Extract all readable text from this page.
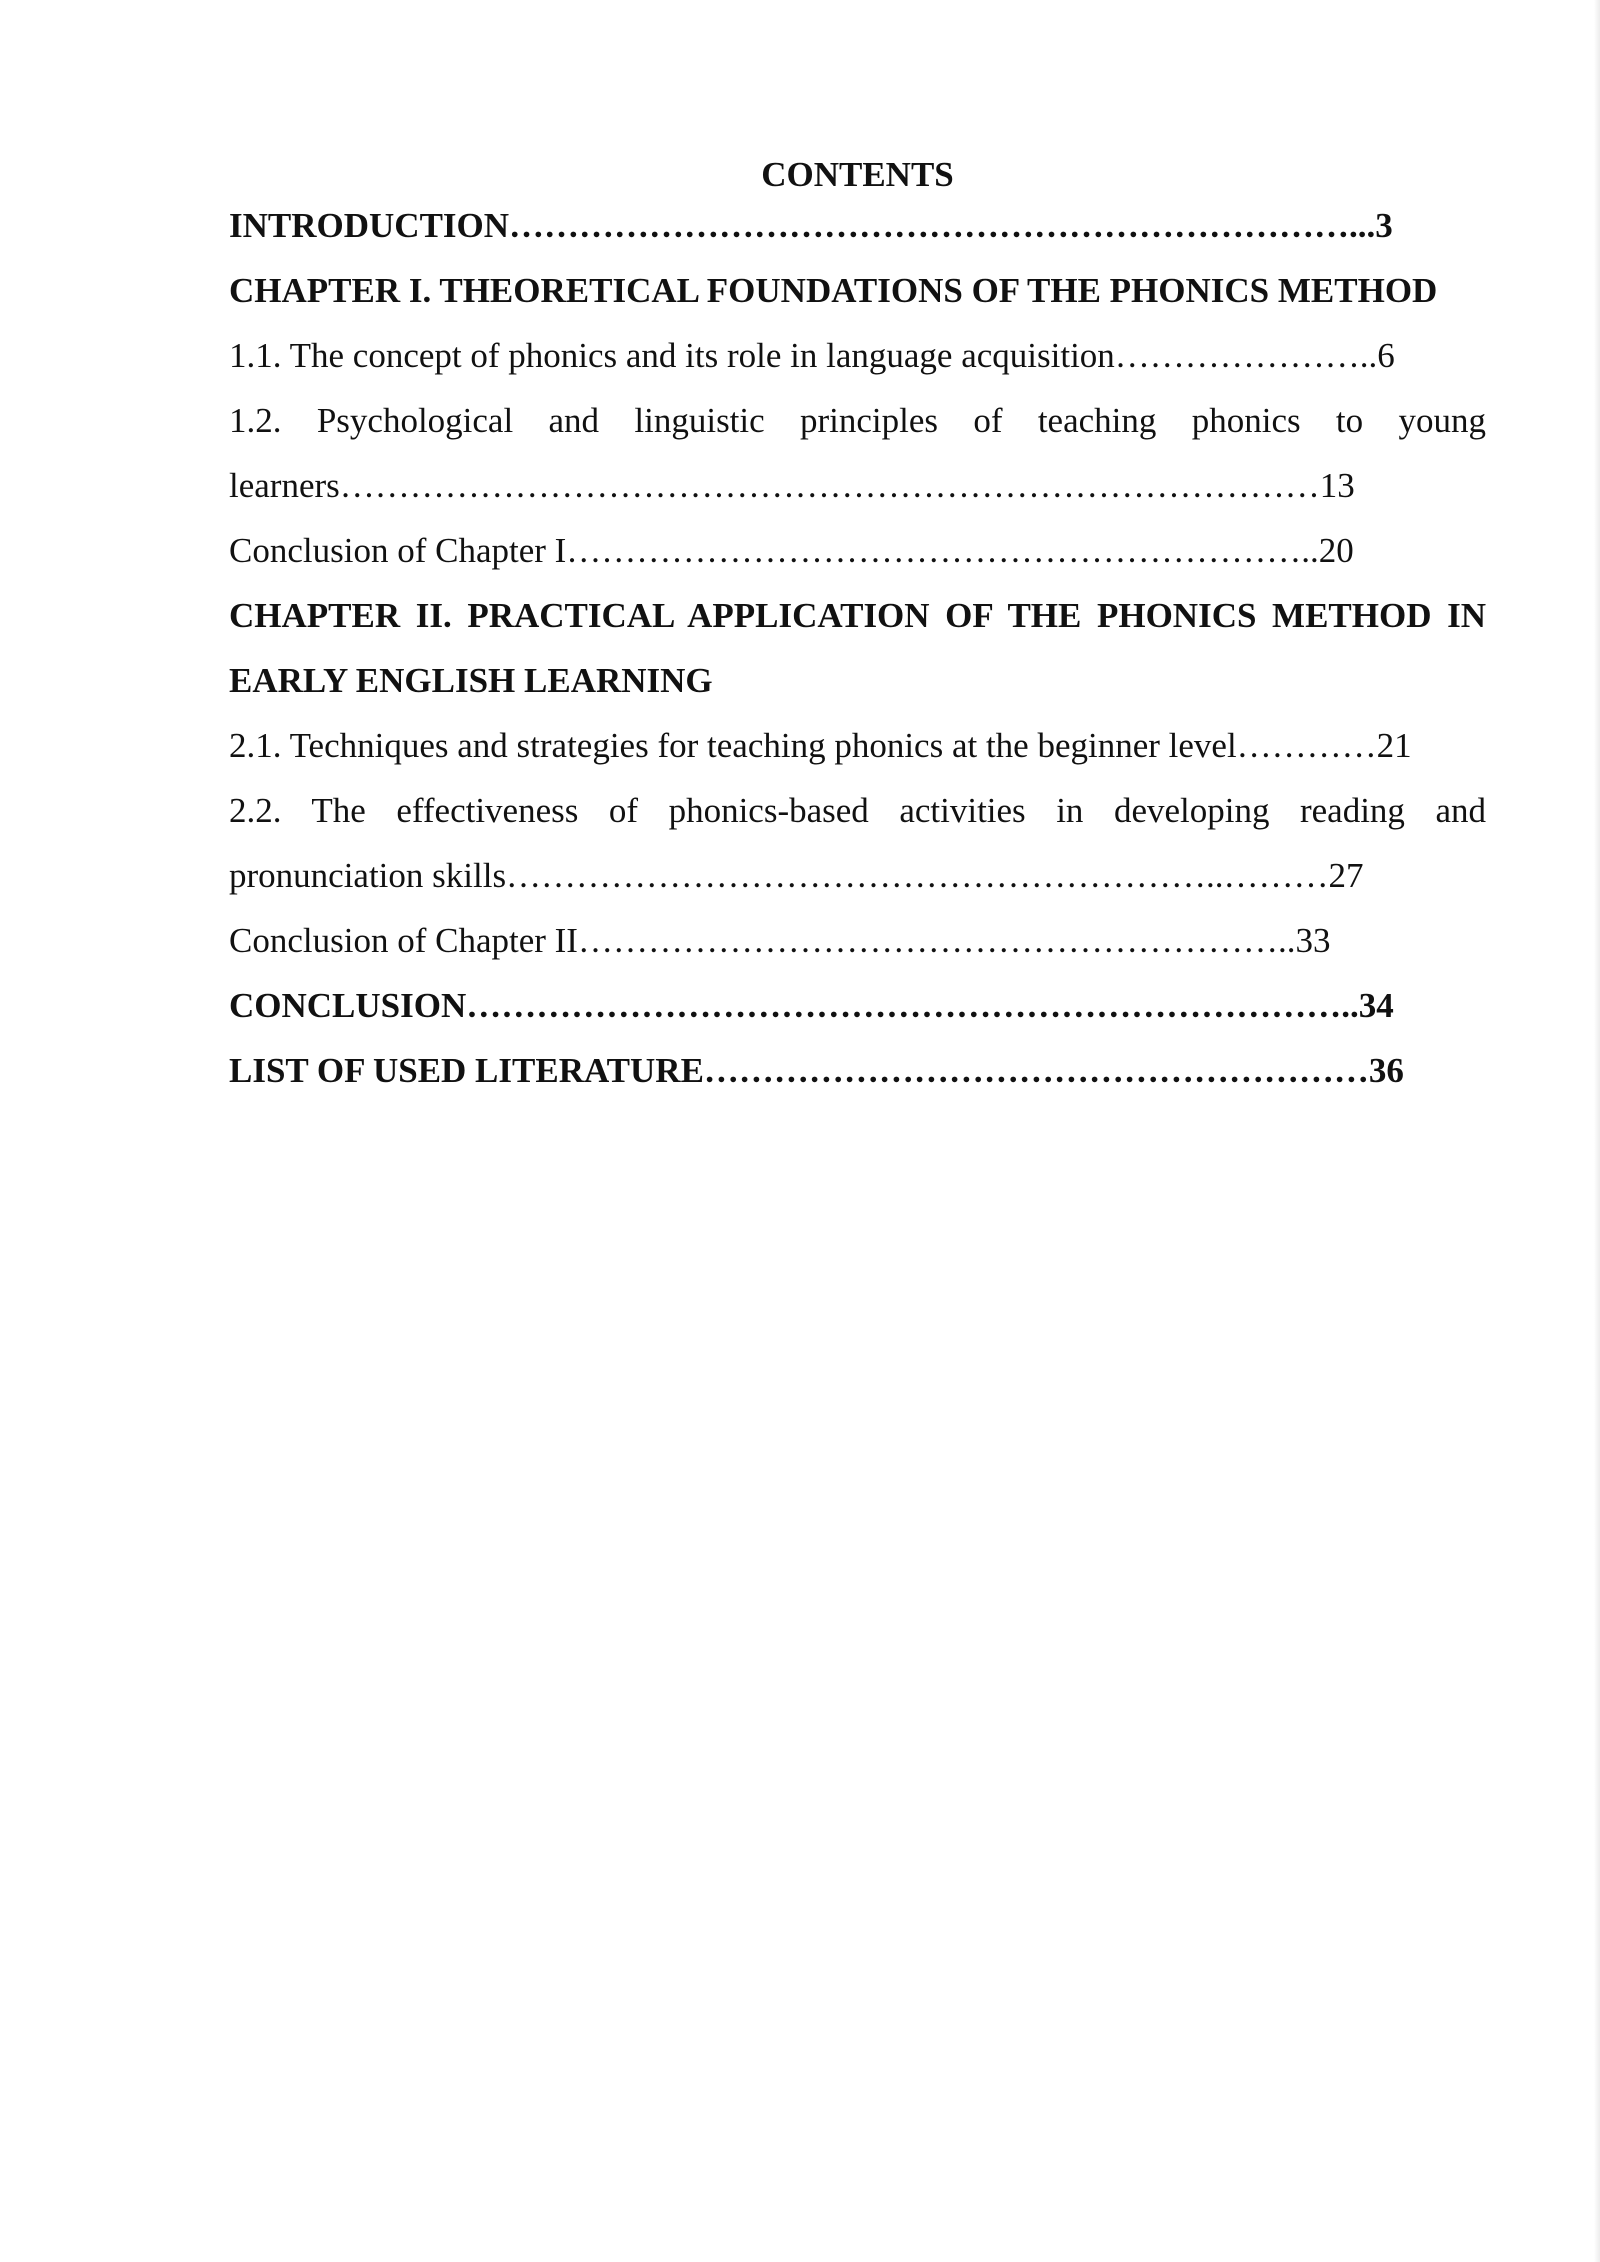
CONTENTS

INTRODUCTION………………………………………………………………...3

CHAPTER I. THEORETICAL FOUNDATIONS OF THE PHONICS METHOD

1.1. The concept of phonics and its role in language acquisition…………………..6

1.2. Psychological and linguistic principles of teaching phonics to young learners…………………………………………………………………………13

Conclusion of Chapter I………………………………………………………..20

CHAPTER II. PRACTICAL APPLICATION OF THE PHONICS METHOD IN EARLY ENGLISH LEARNING

2.1. Techniques and strategies for teaching phonics at the beginner level…………21

2.2. The effectiveness of phonics-based activities in developing reading and pronunciation skills……………………………………………………..………27

Conclusion of Chapter II……………………………………………………..33

CONCLUSION…………………………………………………………………..34

LIST OF USED LITERATURE…………………………………………………36
